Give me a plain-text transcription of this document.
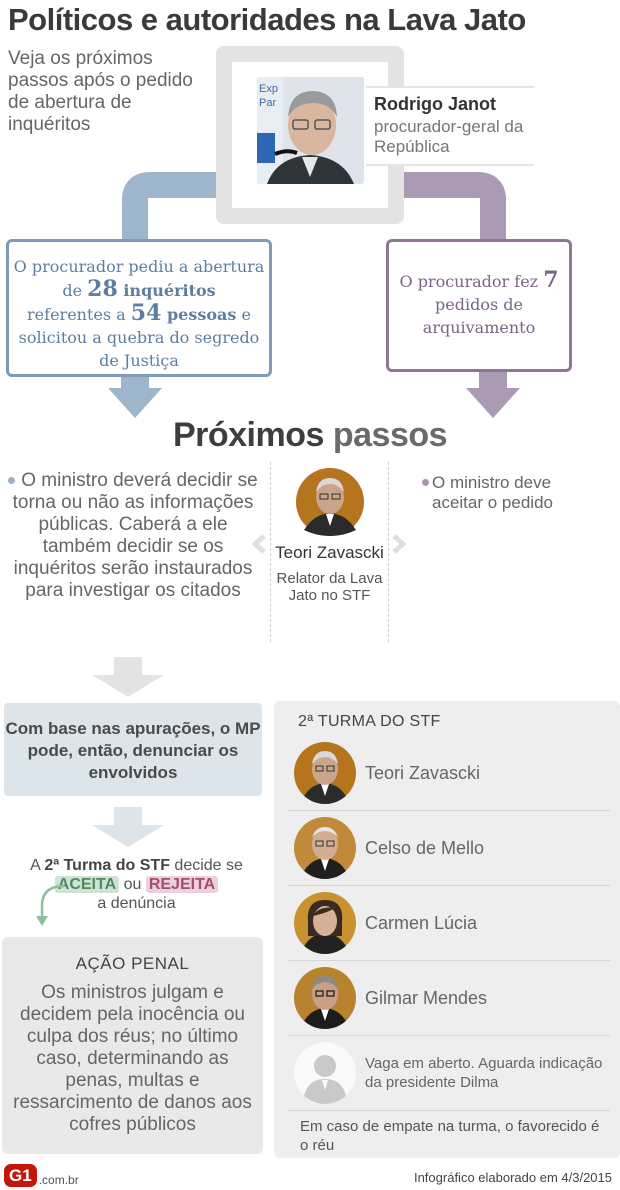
Políticos e autoridades na Lava Jato
Veja os próximos passos após o pedido de abertura de inquéritos
Exp
Par	Rodrigo Janot
procurador-geral da República
O procurador pediu a abertura de 28 inquéritos
referentes a 54 pessoas e solicitou a quebra do segredo de Justiça
O procurador fez 7 pedidos de arquivamento
Próximos passos
O ministro deverá decidir se torna ou não as informações públicas. Caberá a ele também decidir se os inquéritos serão instaurados para investigar os citados
Teori Zavascki
Relator da Lava Jato no STF
O ministro deve aceitar o pedido
Com base nas apurações, o MP pode, então, denunciar os envolvidos
A 2ª Turma do STF decide se
ACEITA ou REJEITA
a denúncia
AÇÃO PENAL
Os ministros julgam e decidem pela inocência ou culpa dos réus; no último caso, determinando as penas, multas e ressarcimento de danos aos cofres públicos
2ª TURMA DO STF
Teori Zavascki
Celso de Mello
Carmen Lúcia
Gilmar Mendes
Vaga em aberto. Aguarda indicação da presidente Dilma
Em caso de empate na turma, o favorecido é o réu
G1 .com.br	Infográfico elaborado em 4/3/2015
